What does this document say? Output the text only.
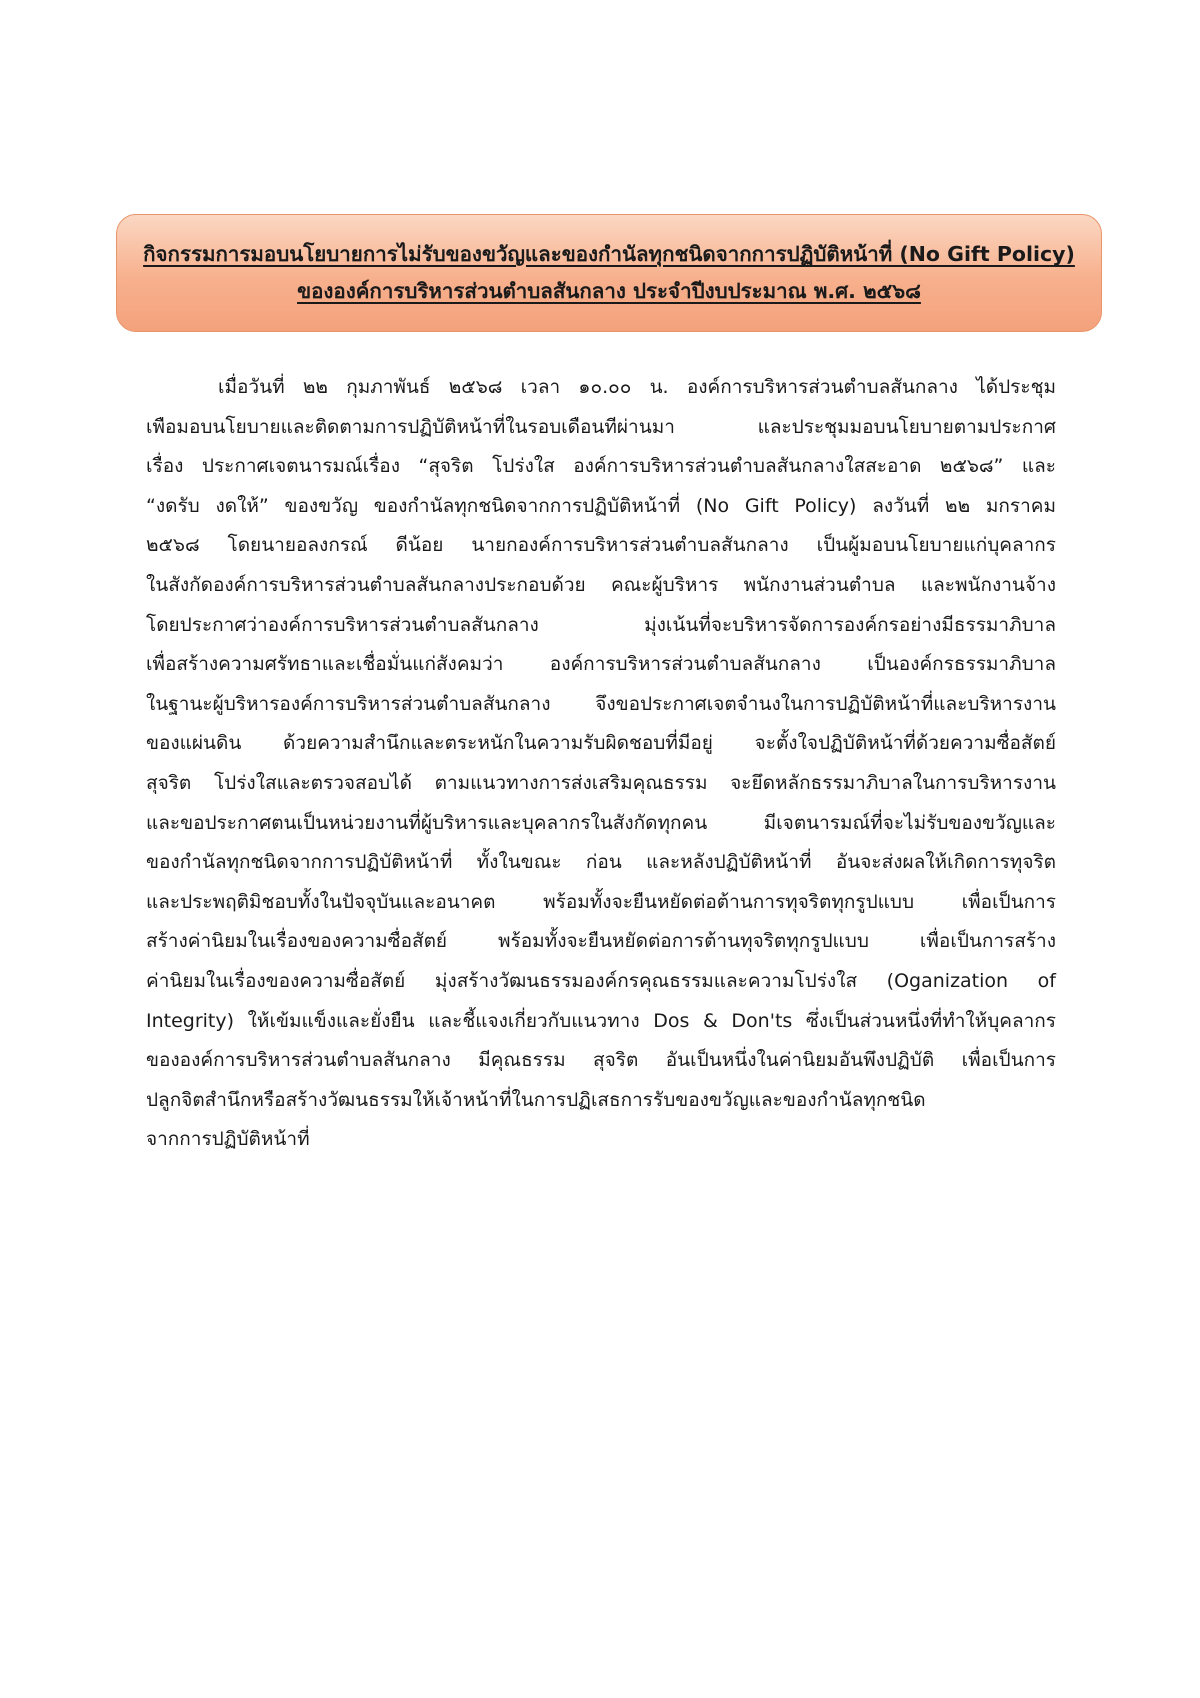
กิจกรรมการมอบนโยบายการไม่รับของขวัญและของกำนัลทุกชนิดจากการปฏิบัติหน้าที่ (No Gift Policy)
ขององค์การบริหารส่วนตำบลสันกลาง ประจำปีงบประมาณ พ.ศ. ๒๕๖๘
เมื่อวันที่ ๒๒ กุมภาพันธ์ ๒๕๖๘ เวลา ๑๐.๐๐ น. องค์การบริหารส่วนตำบลสันกลาง ได้ประชุม
เพือมอบนโยบายและติดตามการปฏิบัติหน้าที่ในรอบเดือนทีผ่านมา และประชุมมอบนโยบายตามประกาศ
เรื่อง ประกาศเจตนารมณ์เรื่อง “สุจริต โปร่งใส องค์การบริหารส่วนตำบลสันกลางใสสะอาด ๒๕๖๘” และ
“งดรับ งดให้” ของขวัญ ของกำนัลทุกชนิดจากการปฏิบัติหน้าที่ (No Gift Policy) ลงวันที่ ๒๒ มกราคม
๒๕๖๘ โดยนายอลงกรณ์ ดีน้อย นายกองค์การบริหารส่วนตำบลสันกลาง เป็นผู้มอบนโยบายแก่บุคลากร
ในสังกัดองค์การบริหารส่วนตำบลสันกลางประกอบด้วย คณะผู้บริหาร พนักงานส่วนตำบล และพนักงานจ้าง
โดยประกาศว่าองค์การบริหารส่วนตำบลสันกลาง มุ่งเน้นที่จะบริหารจัดการองค์กรอย่างมีธรรมาภิบาล
เพื่อสร้างความศรัทธาและเชื่อมั่นแก่สังคมว่า องค์การบริหารส่วนตำบลสันกลาง เป็นองค์กรธรรมาภิบาล
ในฐานะผู้บริหารองค์การบริหารส่วนตำบลสันกลาง จึงขอประกาศเจตจำนงในการปฏิบัติหน้าที่และบริหารงาน
ของแผ่นดิน ด้วยความสำนึกและตระหนักในความรับผิดชอบที่มีอยู่ จะตั้งใจปฏิบัติหน้าที่ด้วยความซื่อสัตย์
สุจริต โปร่งใสและตรวจสอบได้ ตามแนวทางการส่งเสริมคุณธรรม จะยึดหลักธรรมาภิบาลในการบริหารงาน
และขอประกาศตนเป็นหน่วยงานที่ผู้บริหารและบุคลากรในสังกัดทุกคน มีเจตนารมณ์ที่จะไม่รับของขวัญและ
ของกำนัลทุกชนิดจากการปฏิบัติหน้าที่ ทั้งในขณะ ก่อน และหลังปฏิบัติหน้าที่ อันจะส่งผลให้เกิดการทุจริต
และประพฤติมิชอบทั้งในปัจจุบันและอนาคต พร้อมทั้งจะยืนหยัดต่อต้านการทุจริตทุกรูปแบบ เพื่อเป็นการ
สร้างค่านิยมในเรื่องของความซื่อสัตย์ พร้อมทั้งจะยืนหยัดต่อการต้านทุจริตทุกรูปแบบ เพื่อเป็นการสร้าง
ค่านิยมในเรื่องของความซื่อสัตย์ มุ่งสร้างวัฒนธรรมองค์กรคุณธรรมและความโปร่งใส (Oganization of
Integrity) ให้เข้มแข็งและยั่งยืน และชี้แจงเกี่ยวกับแนวทาง Dos & Don'ts ซึ่งเป็นส่วนหนึ่งที่ทำให้บุคลากร
ขององค์การบริหารส่วนตำบลสันกลาง มีคุณธรรม สุจริต อันเป็นหนึ่งในค่านิยมอันพึงปฏิบัติ เพื่อเป็นการ
ปลูกจิตสำนึกหรือสร้างวัฒนธรรมให้เจ้าหน้าที่ในการปฏิเสธการรับของขวัญและของกำนัลทุกชนิด
จากการปฏิบัติหน้าที่
